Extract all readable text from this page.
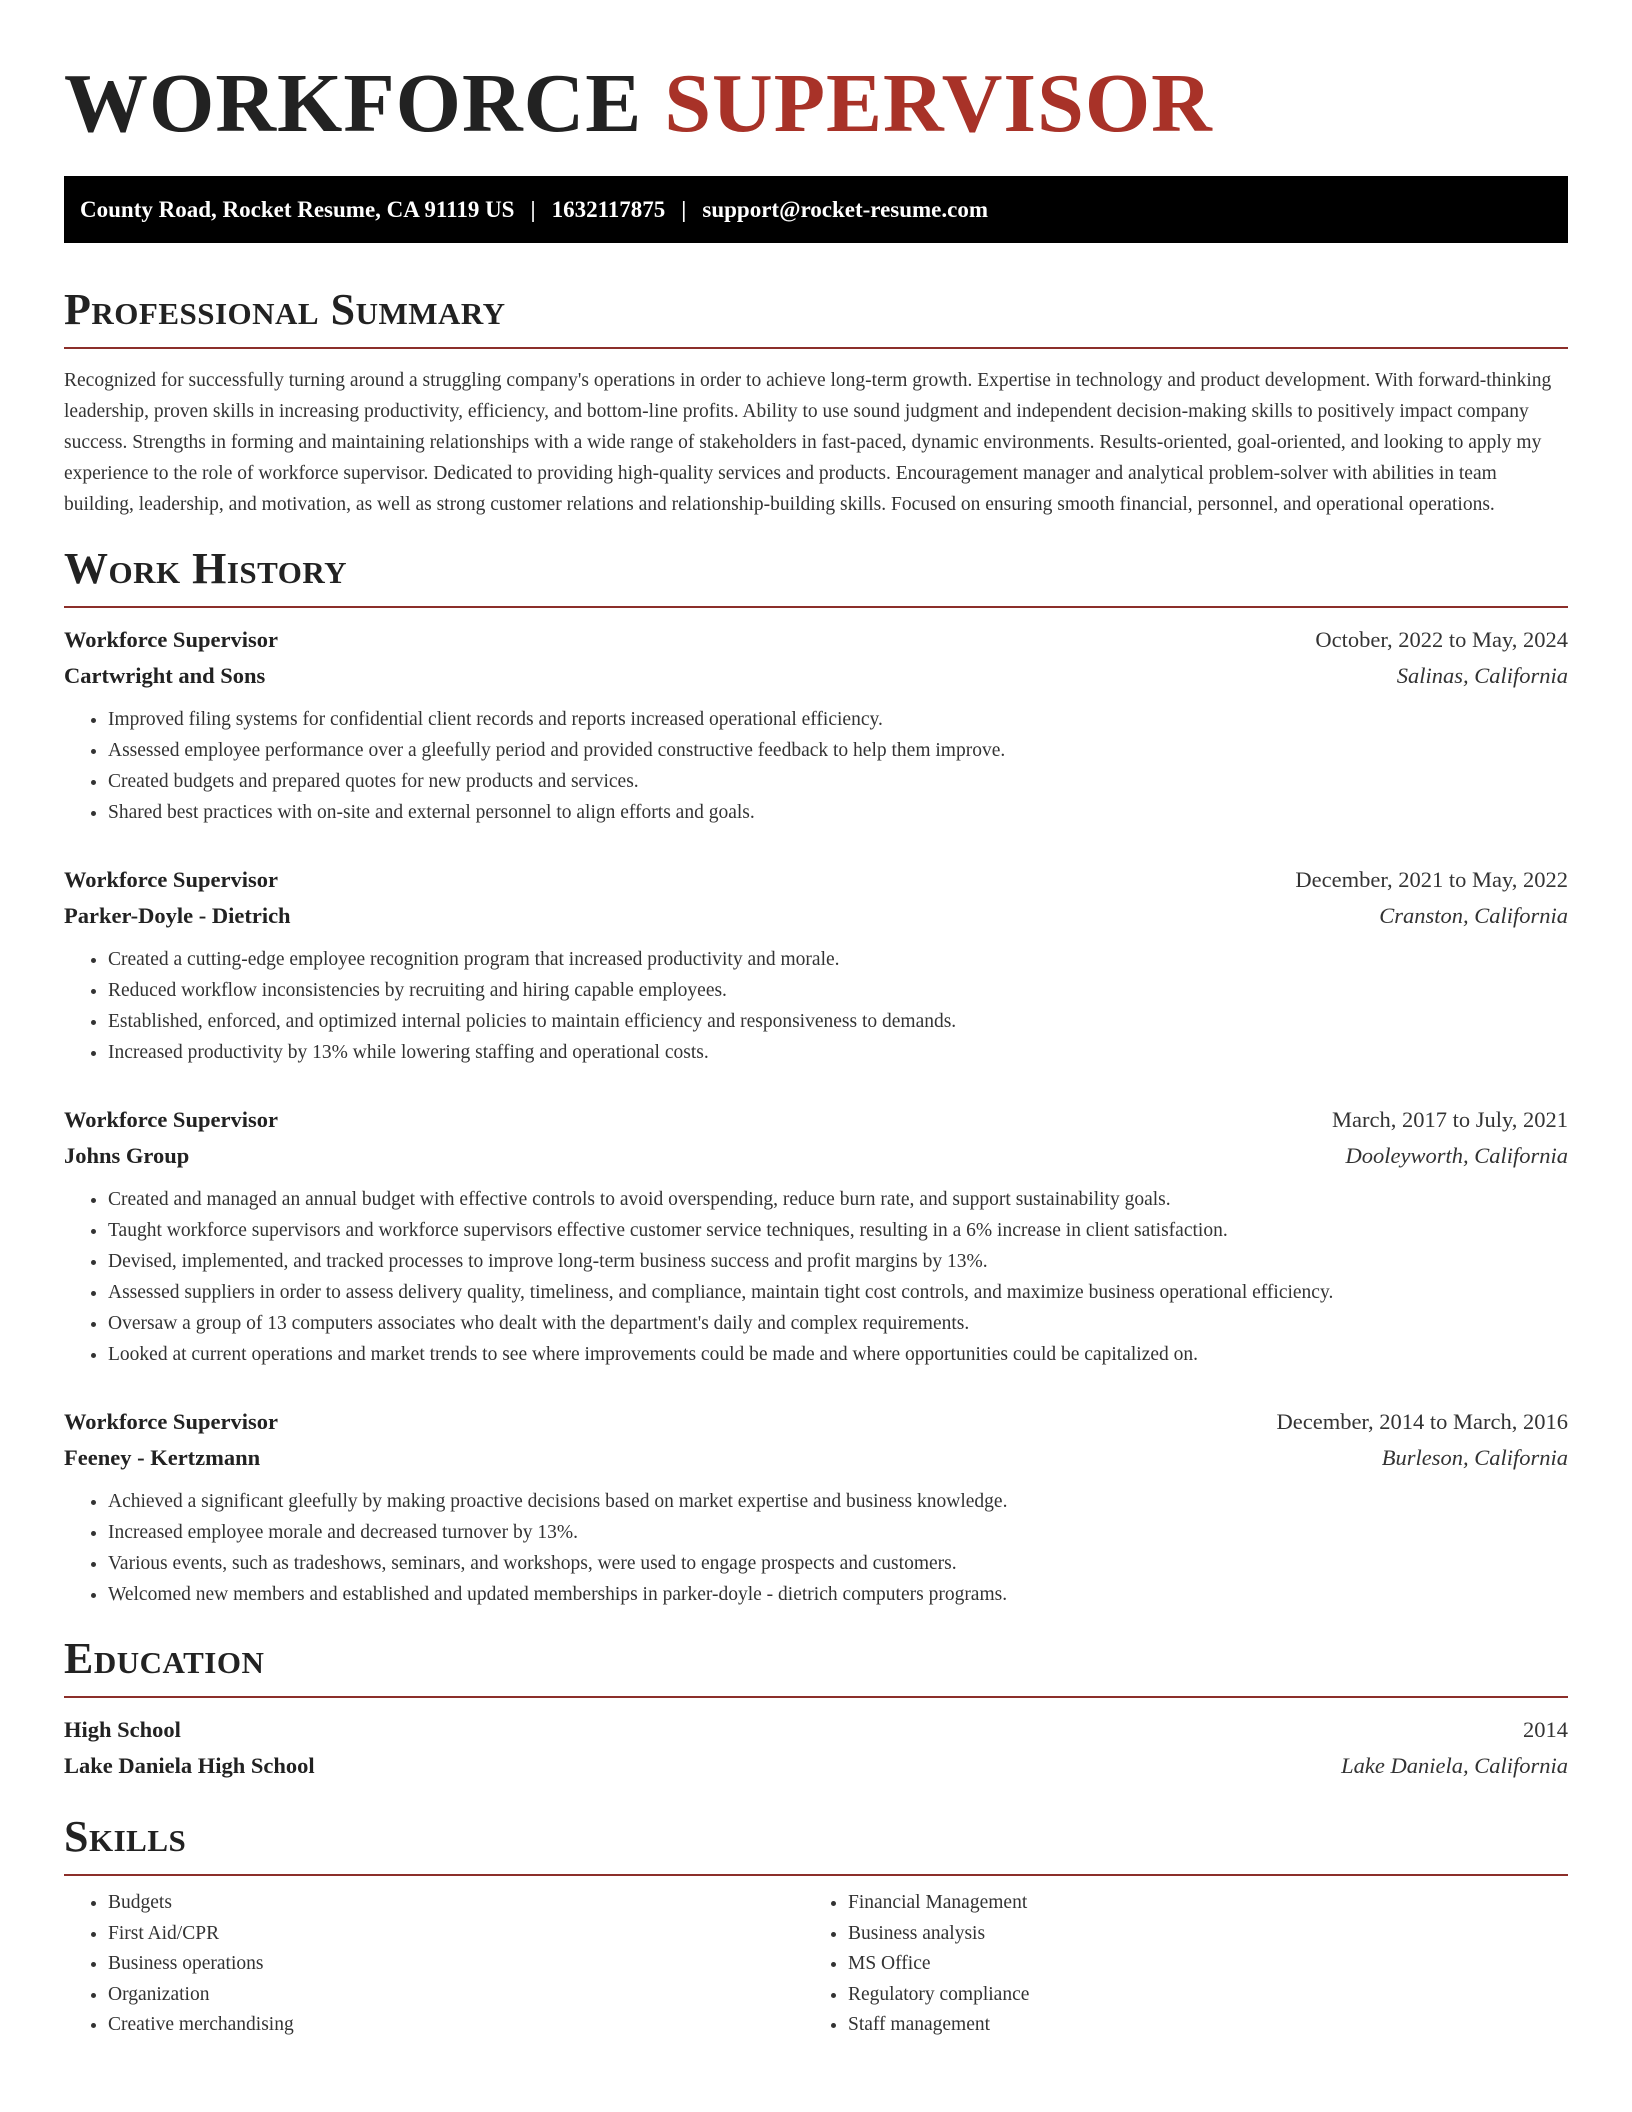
WORKFORCE SUPERVISOR
County Road, Rocket Resume, CA 91119 US | 1632117875 | support@rocket-resume.com
Professional Summary

Recognized for successfully turning around a struggling company's operations in order to achieve long-term growth. Expertise in technology and product development. With forward-thinking leadership, proven skills in increasing productivity, efficiency, and bottom-line profits. Ability to use sound judgment and independent decision-making skills to positively impact company success. Strengths in forming and maintaining relationships with a wide range of stakeholders in fast-paced, dynamic environments. Results-oriented, goal-oriented, and looking to apply my experience to the role of workforce supervisor. Dedicated to providing high-quality services and products. Encouragement manager and analytical problem-solver with abilities in team building, leadership, and motivation, as well as strong customer relations and relationship-building skills. Focused on ensuring smooth financial, personnel, and operational operations.

Work History
Workforce Supervisor	October, 2022 to May, 2024
Cartwright and Sons	Salinas, California
• Improved filing systems for confidential client records and reports increased operational efficiency.
• Assessed employee performance over a gleefully period and provided constructive feedback to help them improve.
• Created budgets and prepared quotes for new products and services.
• Shared best practices with on-site and external personnel to align efforts and goals.
Workforce Supervisor	December, 2021 to May, 2022
Parker-Doyle - Dietrich	Cranston, California
• Created a cutting-edge employee recognition program that increased productivity and morale.
• Reduced workflow inconsistencies by recruiting and hiring capable employees.
• Established, enforced, and optimized internal policies to maintain efficiency and responsiveness to demands.
• Increased productivity by 13% while lowering staffing and operational costs.
Workforce Supervisor	March, 2017 to July, 2021
Johns Group	Dooleyworth, California
• Created and managed an annual budget with effective controls to avoid overspending, reduce burn rate, and support sustainability goals.
• Taught workforce supervisors and workforce supervisors effective customer service techniques, resulting in a 6% increase in client satisfaction.
• Devised, implemented, and tracked processes to improve long-term business success and profit margins by 13%.
• Assessed suppliers in order to assess delivery quality, timeliness, and compliance, maintain tight cost controls, and maximize business operational efficiency.
• Oversaw a group of 13 computers associates who dealt with the department's daily and complex requirements.
• Looked at current operations and market trends to see where improvements could be made and where opportunities could be capitalized on.
Workforce Supervisor	December, 2014 to March, 2016
Feeney - Kertzmann	Burleson, California
• Achieved a significant gleefully by making proactive decisions based on market expertise and business knowledge.
• Increased employee morale and decreased turnover by 13%.
• Various events, such as tradeshows, seminars, and workshops, were used to engage prospects and customers.
• Welcomed new members and established and updated memberships in parker-doyle - dietrich computers programs.
Education
High School	2014
Lake Daniela High School	Lake Daniela, California
Skills
• Budgets
• First Aid/CPR
• Business operations
• Organization
• Creative merchandising
• Financial Management
• Business analysis
• MS Office
• Regulatory compliance
• Staff management
